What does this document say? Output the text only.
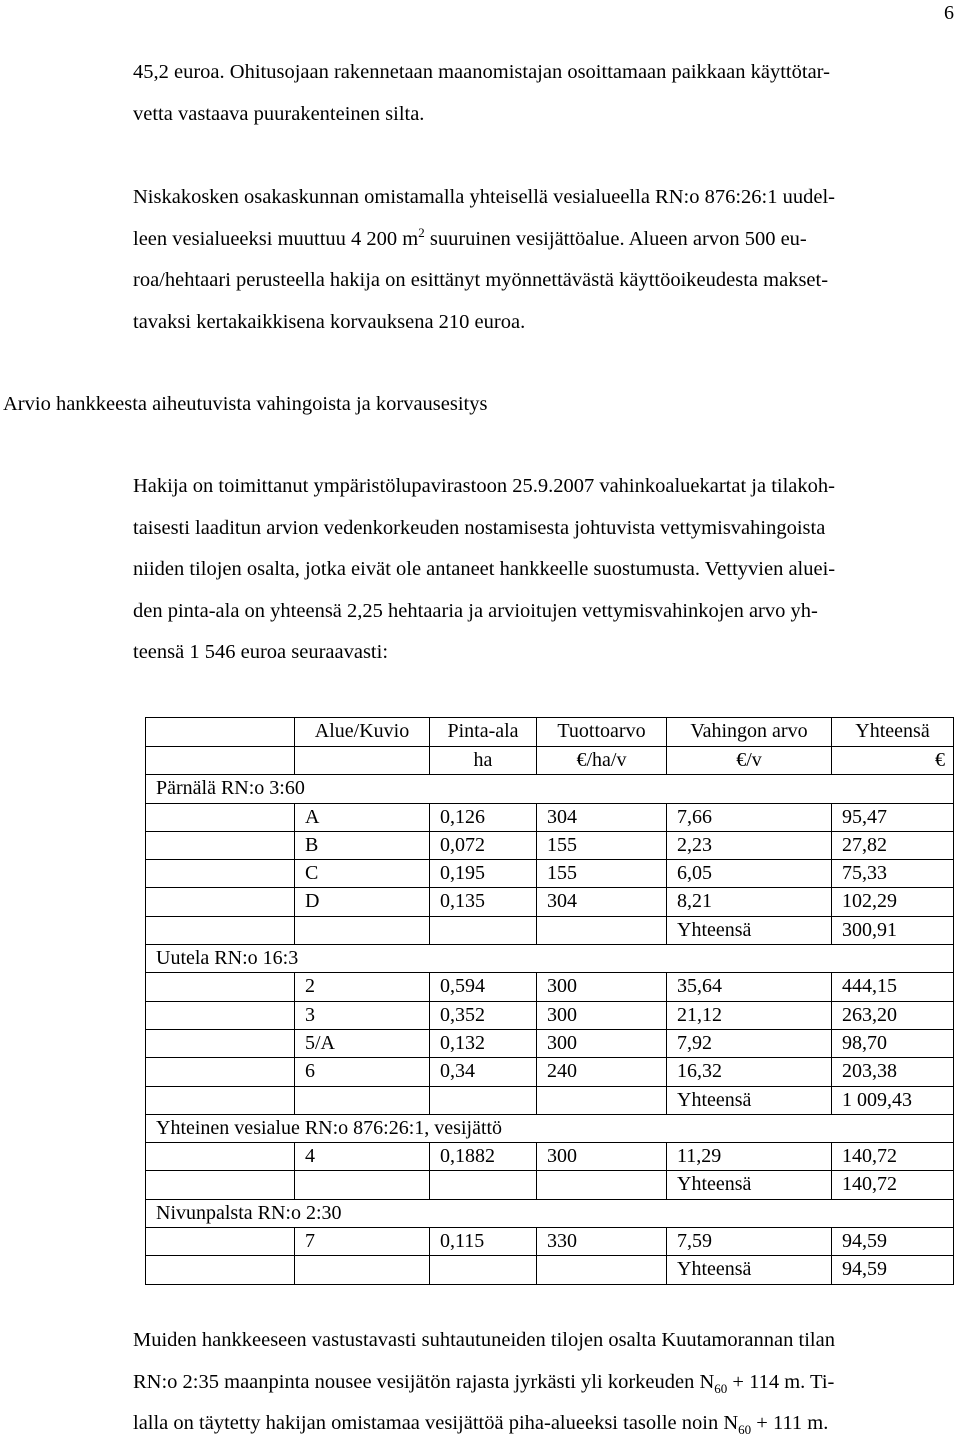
6
45,2 euroa. Ohitusojaan rakennetaan maanomistajan osoittamaan paikkaan käyttötar-
vetta vastaava puurakenteinen silta.
Niskakosken osakaskunnan omistamalla yhteisellä vesialueella RN:o 876:26:1 uudel-
leen vesialueeksi muuttuu 4 200 $m^2$ suuruinen vesijättöalue. Alueen arvon 500 eu-
roa/hehtaari perusteella hakija on esittänyt myönnettävästä käyttöoikeudesta makset-
tavaksi kertakaikkisena korvauksena 210 euroa.
Arvio hankkeesta aiheutuvista vahingoista ja korvausesitys
Hakija on toimittanut ympäristölupavirastoon 25.9.2007 vahinkoaluekartat ja tilakoh-
taisesti laaditun arvion vedenkorkeuden nostamisesta johtuvista vettymisvahingoista
niiden tilojen osalta, jotka eivät ole antaneet hankkeelle suostumusta. Vettyvien aluei-
den pinta-ala on yhteensä 2,25 hehtaaria ja arvioitujen vettymisvahinkojen arvo yh-
teensä 1 546 euroa seuraavasti:
	Alue/Kuvio	Pinta-ala	Tuottoarvo	Vahingon arvo	Yhteensä
		ha	€/ha/v	€/v	€
Pärnälä RN:o 3:60					
	A	0,126	304	7,66	95,47
	B	0,072	155	2,23	27,82
	C	0,195	155	6,05	75,33
	D	0,135	304	8,21	102,29
				Yhteensä	300,91
Uutela RN:o 16:3					
	2	0,594	300	35,64	444,15
	3	0,352	300	21,12	263,20
	5/A	0,132	300	7,92	98,70
	6	0,34	240	16,32	203,38
				Yhteensä	1 009,43
Yhteinen vesialue RN:o 876:26:1, vesijättö					
	4	0,1882	300	11,29	140,72
				Yhteensä	140,72
Nivunpalsta RN:o 2:30					
	7	0,115	330	7,59	94,59
				Yhteensä	94,59
Muiden hankkeeseen vastustavasti suhtautuneiden tilojen osalta Kuutamorannan tilan
RN:o 2:35 maanpinta nousee vesijätön rajasta jyrkästi yli korkeuden $N_{60} + 114$ m. Ti-
lalla on täytetty hakijan omistamaa vesijättöä piha-alueeksi tasolle noin $N_{60} + 111$ m.
